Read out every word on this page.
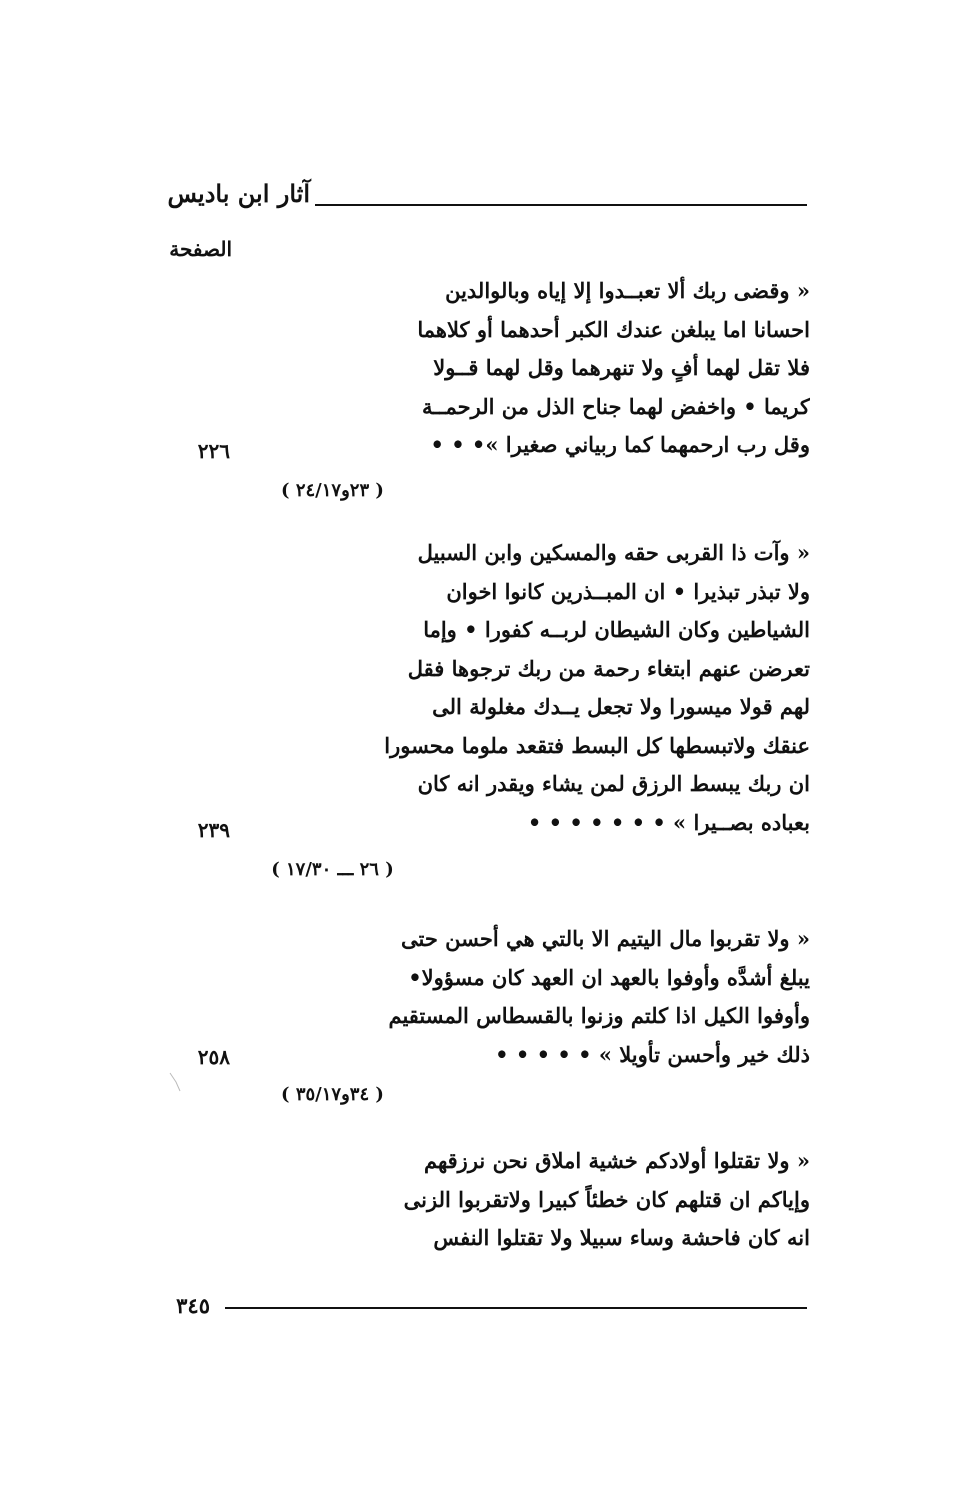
آثار ابن باديس
الصفحة
« وقضى ربك ألا تعبــدوا إلا إياه وبالوالدين
احسانا اما يبلغن عندك الكبر أحدهما أو كلاهما
فلا تقل لهما أفٍ ولا تنهرهما وقل لهما قــولا
كريما • واخفض لهما جناح الذل من الرحمــة
وقل رب ارحمهما كما ربياني صغيرا »• • •
٢٢٦
( ٢٣و٢٤/١٧ )
« وآت ذا القربى حقه والمسكين وابن السبيل
ولا تبذر تبذيرا • ان المبــذرين كانوا اخوان
الشياطين وكان الشيطان لربــه كفورا • وإما
تعرضن عنهم ابتغاء رحمة من ربك ترجوها فقل
لهم قولا ميسورا ولا تجعل يــدك مغلولة الى
عنقك ولاتبسطها كل البسط فتقعد ملوما محسورا
ان ربك يبسط الرزق لمن يشاء ويقدر انه كان
بعباده بصــيرا » • • • • • • •
٢٣٩
( ٢٦ ـــ ١٧/٣٠ )
« ولا تقربوا مال اليتيم الا بالتي هي أحسن حتى
يبلغ أشدَّه وأوفوا بالعهد ان العهد كان مسؤولا•
وأوفوا الكيل اذا كلتم وزنوا بالقسطاس المستقيم
ذلك خير وأحسن تأويلا » • • • • •
٢٥٨
( ٣٤و٣٥/١٧ )
« ولا تقتلوا أولادكم خشية املاق نحن نرزقهم
وإياكم ان قتلهم كان خطئاً كبيرا ولاتقربوا الزنى
انه كان فاحشة وساء سبيلا ولا تقتلوا النفس
٣٤٥
